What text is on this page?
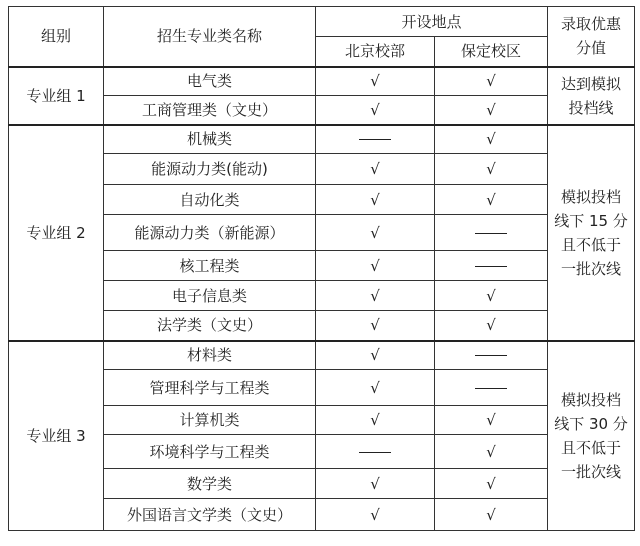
组别	招生专业类名称	开设地点		录取优惠
分值

		北京校部	保定校区	
专业组 1	电气类	√	√	达到模拟
投档线

	工商管理类（文史）	√	√	
专业组 2	机械类		√	模拟投档
线下 15 分
且不低于
一批次线

	能源动力类(能动)	√	√	
	自动化类	√	√	
	能源动力类（新能源）	√		
	核工程类	√		
	电子信息类	√	√	
	法学类（文史）	√	√	
专业组 3	材料类	√		模拟投档
线下 30 分
且不低于
一批次线

	管理科学与工程类	√		
	计算机类	√	√	
	环境科学与工程类		√	
	数学类	√	√	
	外国语言文学类（文史）	√	√	
